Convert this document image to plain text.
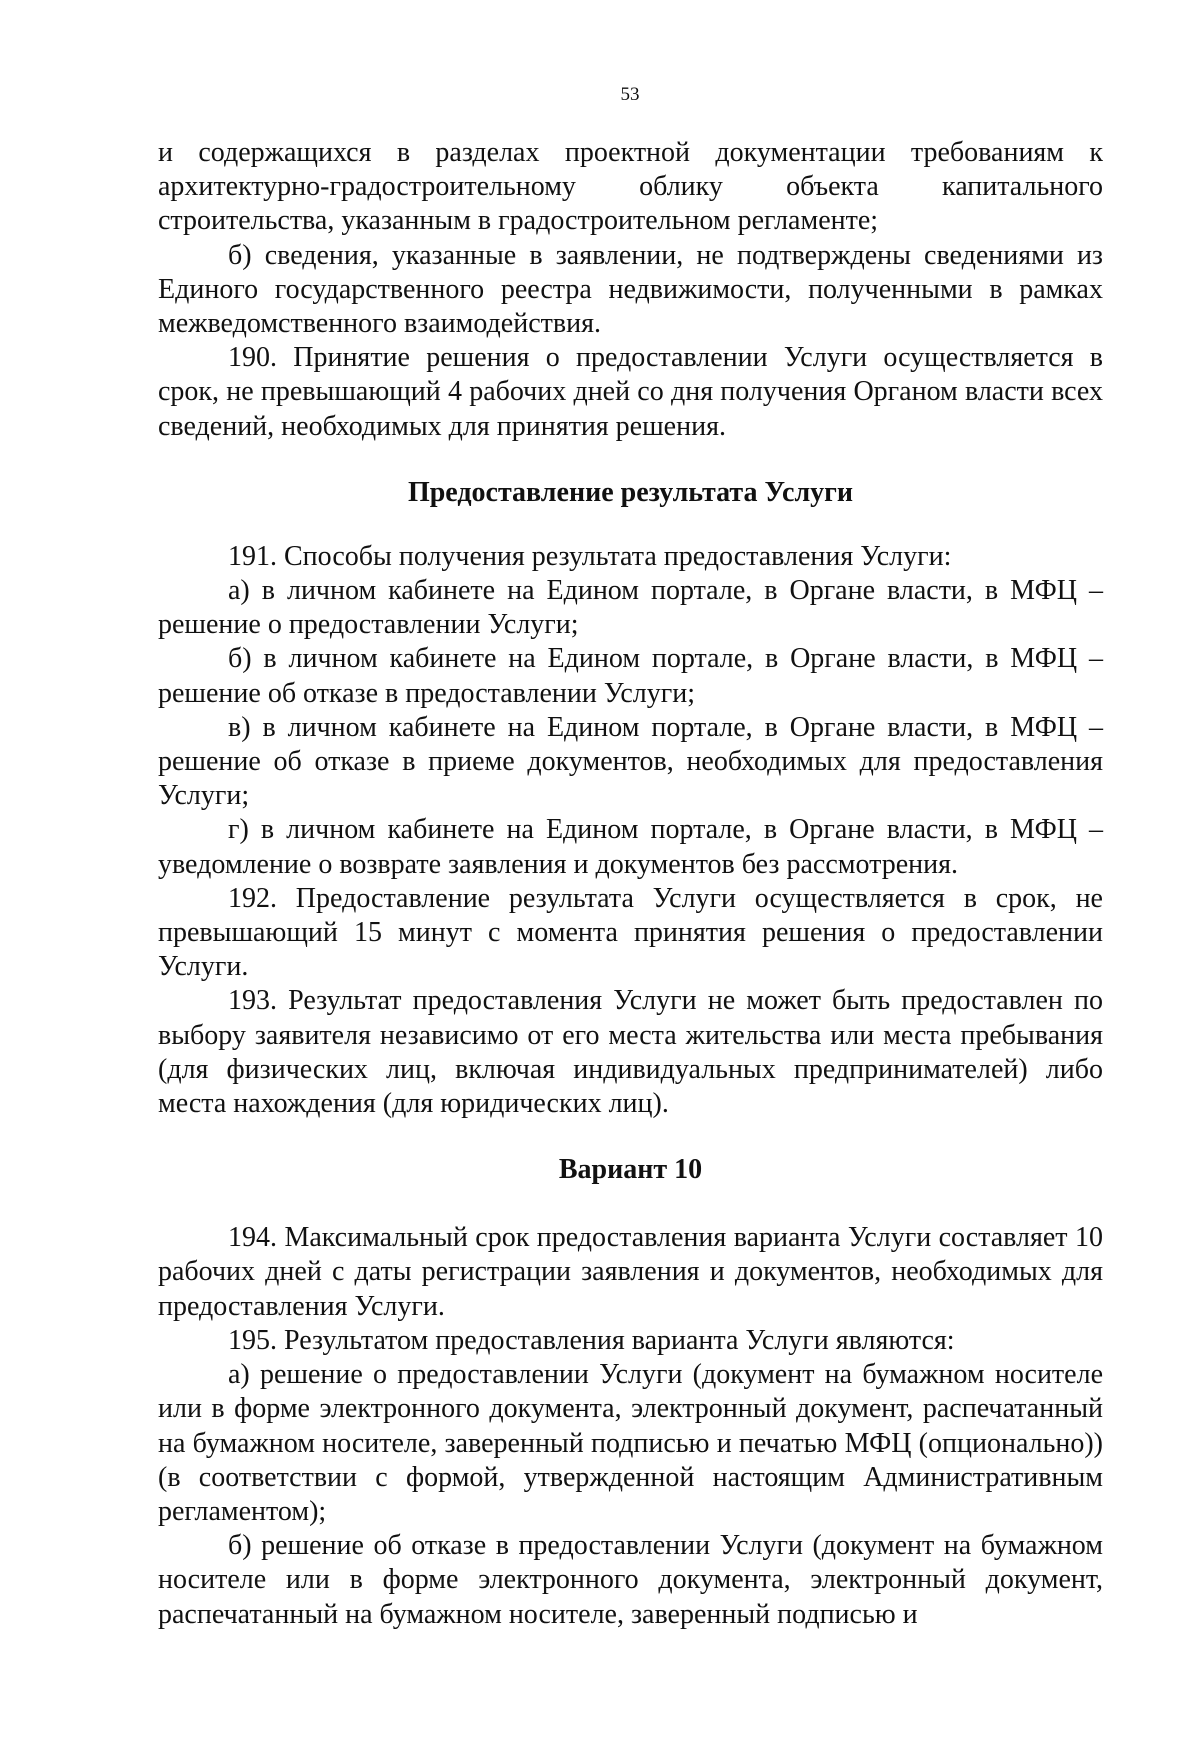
53

и содержащихся в разделах проектной документации требованиям к архитектурно-градостроительному облику объекта капитального строительства, указанным в градостроительном регламенте;

б) сведения, указанные в заявлении, не подтверждены сведениями из Единого государственного реестра недвижимости, полученными в рамках межведомственного взаимодействия.

190. Принятие решения о предоставлении Услуги осуществляется в срок, не превышающий 4 рабочих дней со дня получения Органом власти всех сведений, необходимых для принятия решения.

Предоставление результата Услуги

191. Способы получения результата предоставления Услуги:

а) в личном кабинете на Едином портале, в Органе власти, в МФЦ – решение о предоставлении Услуги;

б) в личном кабинете на Едином портале, в Органе власти, в МФЦ – решение об отказе в предоставлении Услуги;

в) в личном кабинете на Едином портале, в Органе власти, в МФЦ – решение об отказе в приеме документов, необходимых для предоставления Услуги;

г) в личном кабинете на Едином портале, в Органе власти, в МФЦ – уведомление о возврате заявления и документов без рассмотрения.

192. Предоставление результата Услуги осуществляется в срок, не превышающий 15 минут с момента принятия решения о предоставлении Услуги.

193. Результат предоставления Услуги не может быть предоставлен по выбору заявителя независимо от его места жительства или места пребывания (для физических лиц, включая индивидуальных предпринимателей) либо места нахождения (для юридических лиц).

Вариант 10

194. Максимальный срок предоставления варианта Услуги составляет 10 рабочих дней с даты регистрации заявления и документов, необходимых для предоставления Услуги.

195. Результатом предоставления варианта Услуги являются:

а) решение о предоставлении Услуги (документ на бумажном носителе или в форме электронного документа, электронный документ, распечатанный на бумажном носителе, заверенный подписью и печатью МФЦ (опционально)) (в соответствии с формой, утвержденной настоящим Административным регламентом);

б) решение об отказе в предоставлении Услуги (документ на бумажном носителе или в форме электронного документа, электронный документ, распечатанный на бумажном носителе, заверенный подписью и
